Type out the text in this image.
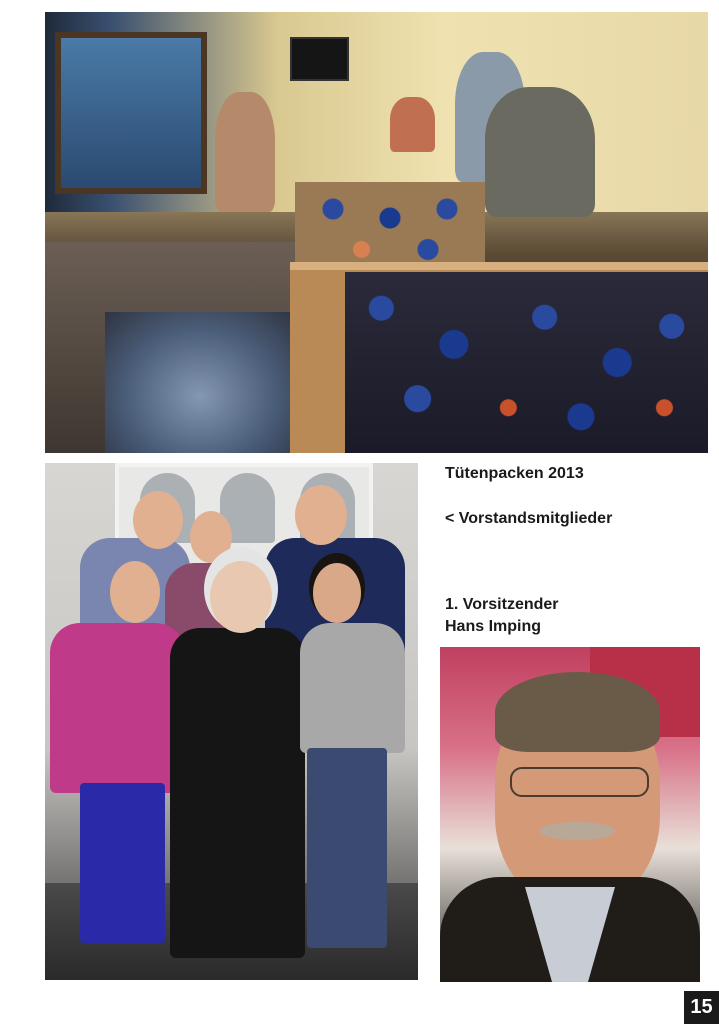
Tütenpacken 2013

< Vorstandsmitglieder

1. Vorsitzender
Hans Imping

15
